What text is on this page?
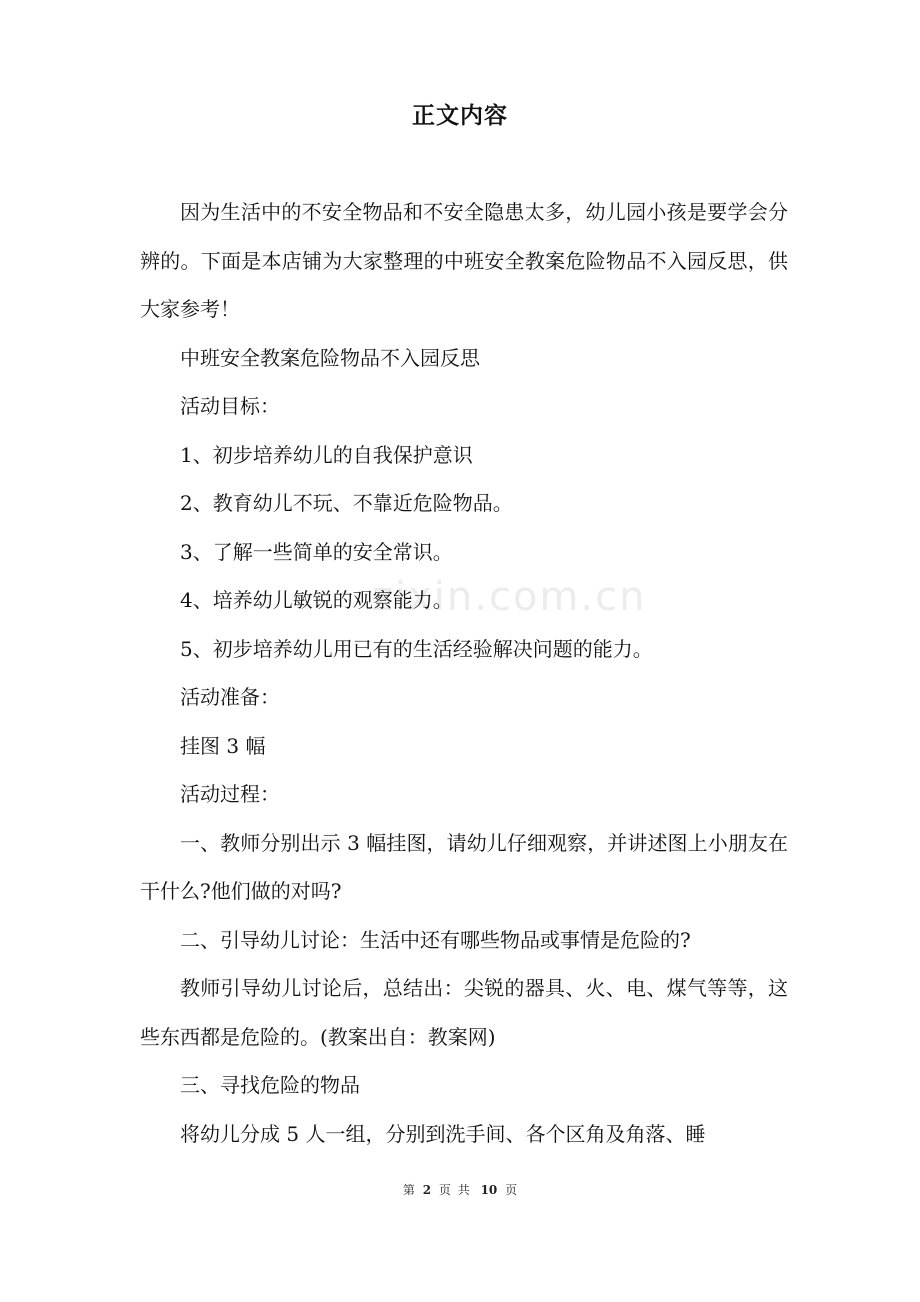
zixin.com.cn
正文内容

因为生活中的不安全物品和不安全隐患太多，幼儿园小孩是要学会分辨的。下面是本店铺为大家整理的中班安全教案危险物品不入园反思，供大家参考！

中班安全教案危险物品不入园反思

活动目标：

1、初步培养幼儿的自我保护意识

2、教育幼儿不玩、不靠近危险物品。

3、了解一些简单的安全常识。

4、培养幼儿敏锐的观察能力。

5、初步培养幼儿用已有的生活经验解决问题的能力。

活动准备：

挂图 3 幅

活动过程：

一、教师分别出示 3 幅挂图，请幼儿仔细观察，并讲述图上小朋友在干什么?他们做的对吗?

二、引导幼儿讨论：生活中还有哪些物品或事情是危险的?

教师引导幼儿讨论后，总结出：尖锐的器具、火、电、煤气等等，这些东西都是危险的。(教案出自：教案网)

三、寻找危险的物品

将幼儿分成 5 人一组，分别到洗手间、各个区角及角落、睡

第 2 页 共 10 页
